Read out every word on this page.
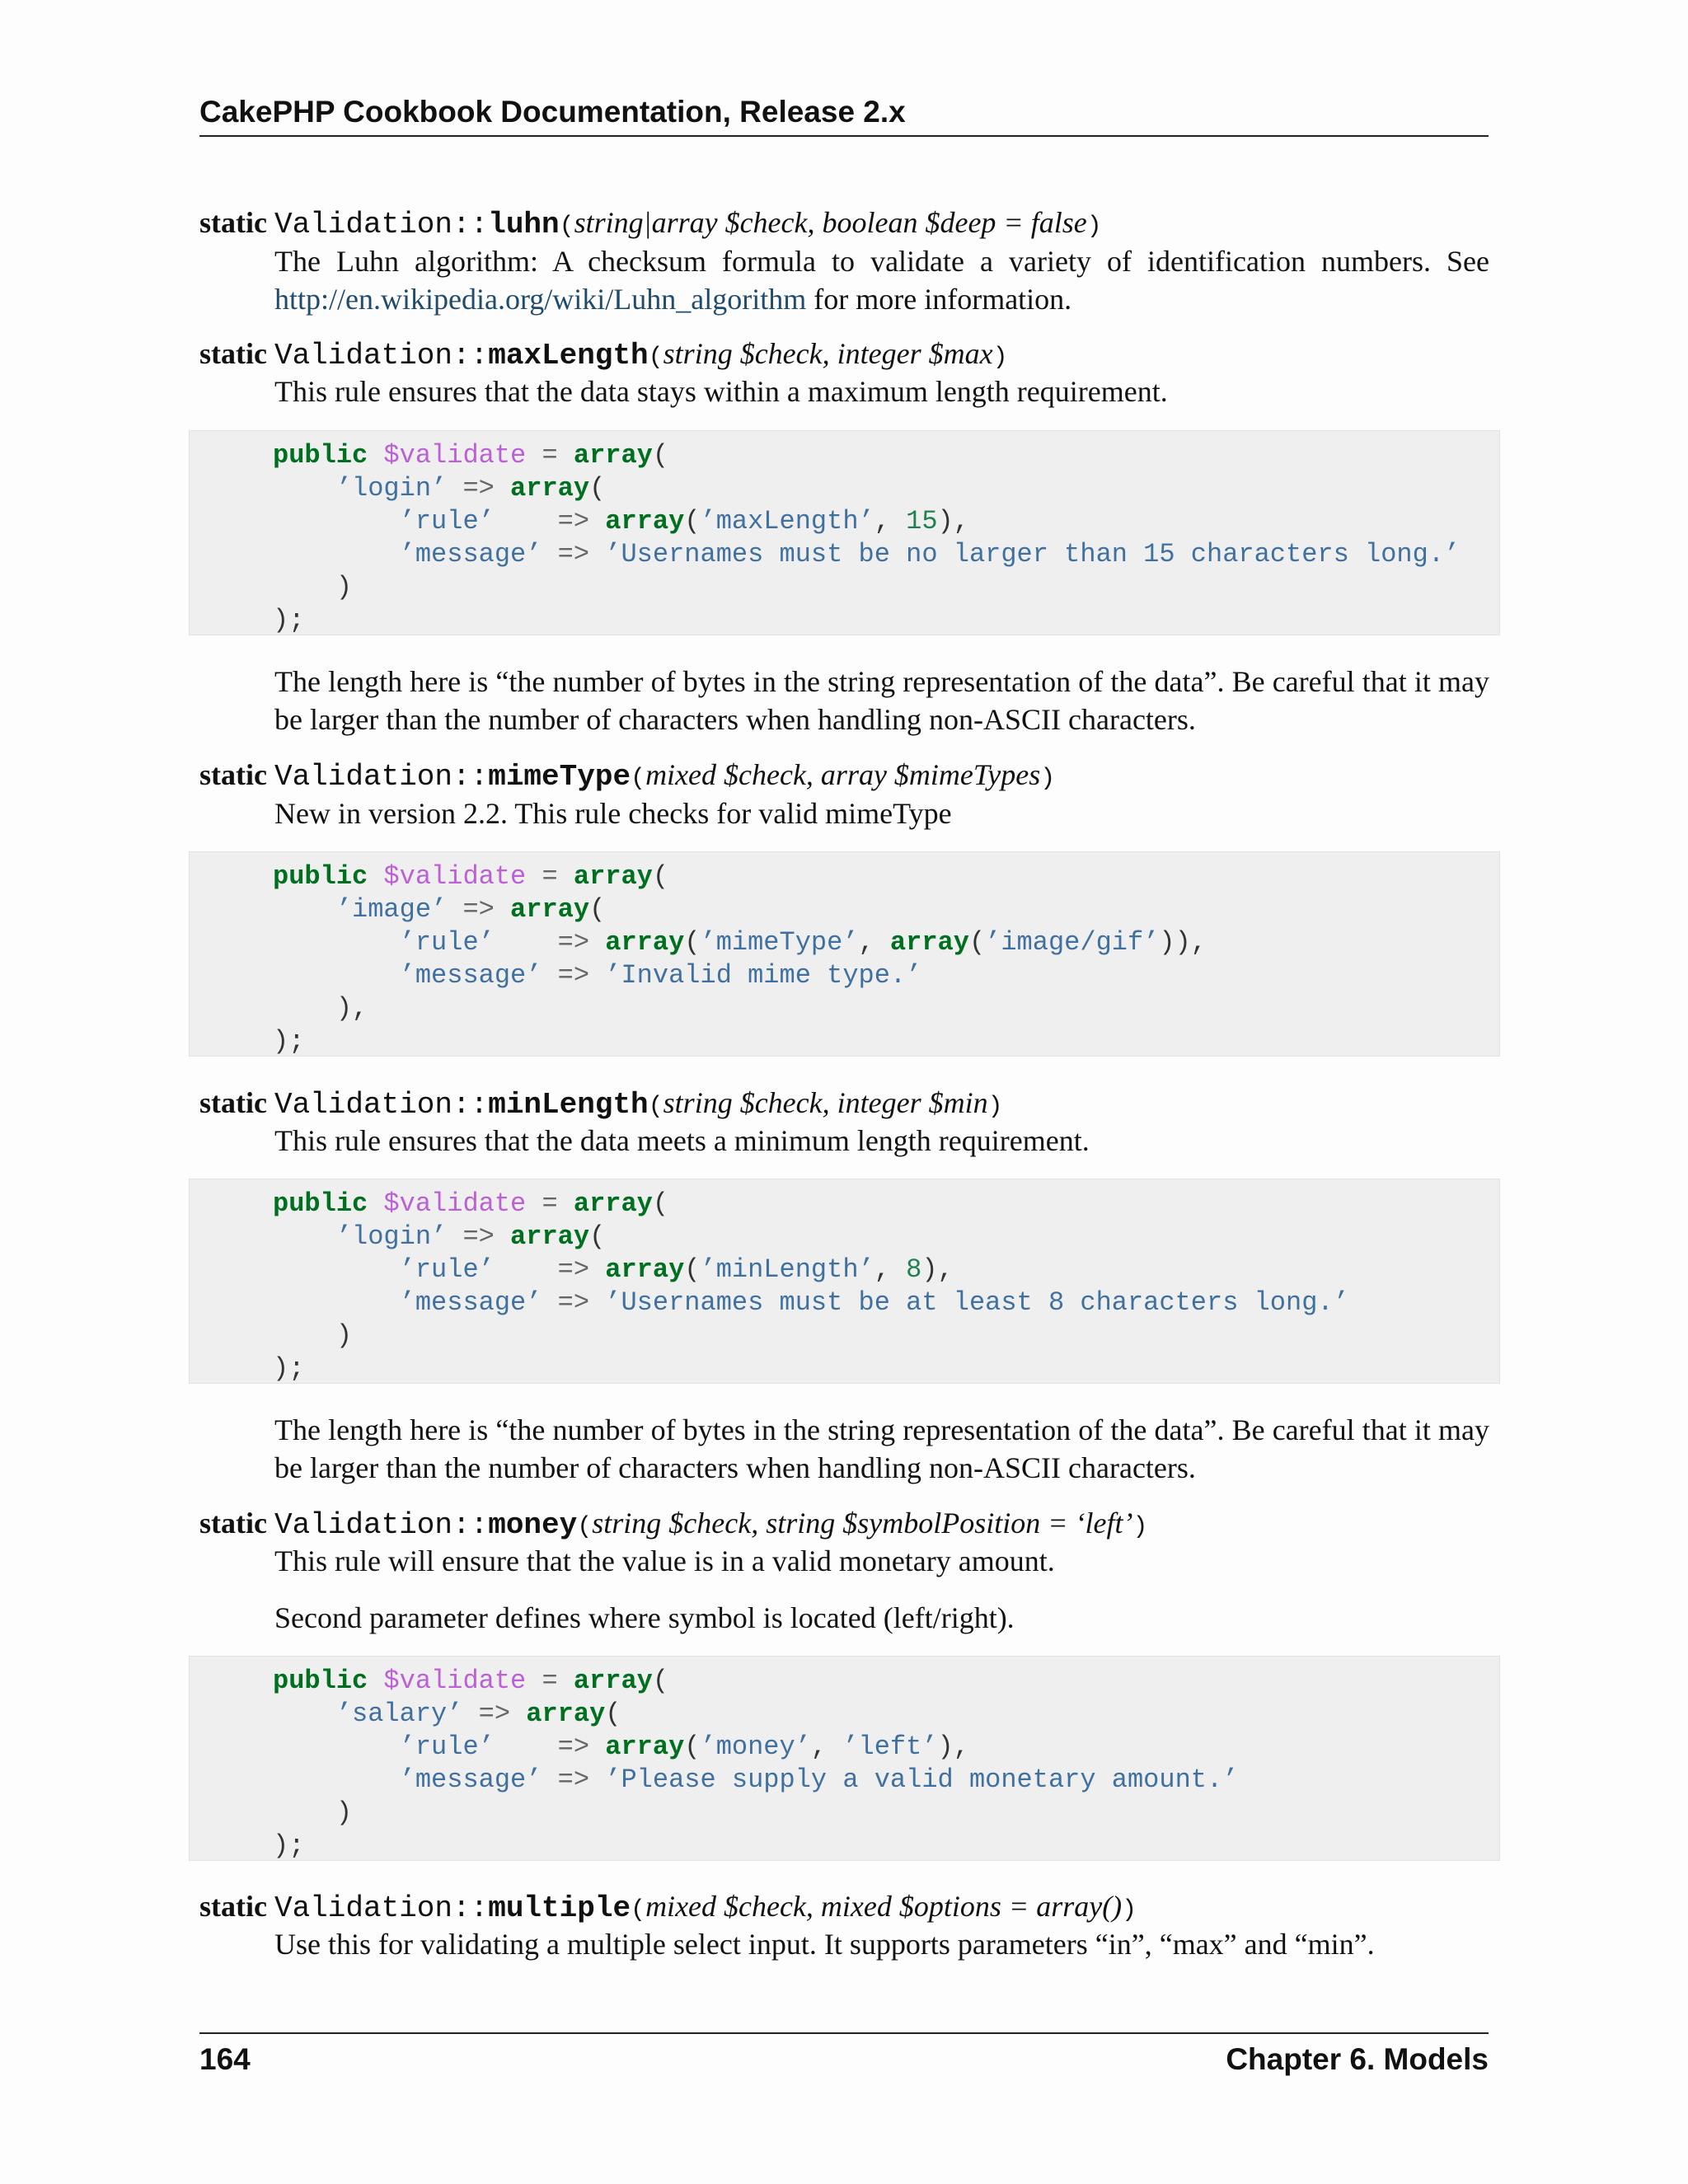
CakePHP Cookbook Documentation, Release 2.x
static Validation::luhn(string|array $check, boolean $deep = false)
The Luhn algorithm: A checksum formula to validate a variety of identification numbers. See http://en.wikipedia.org/wiki/Luhn_algorithm for more information.
static Validation::maxLength(string $check, integer $max)
This rule ensures that the data stays within a maximum length requirement.
public $validate = array(
’login’ => array(
’rule’ => array(’maxLength’, 15),
’message’ => ’Usernames must be no larger than 15 characters long.’
)
);
The length here is “the number of bytes in the string representation of the data”. Be careful that it may be larger than the number of characters when handling non-ASCII characters.
static Validation::mimeType(mixed $check, array $mimeTypes)
New in version 2.2. This rule checks for valid mimeType
public $validate = array(
’image’ => array(
’rule’ => array(’mimeType’, array(’image/gif’)),
’message’ => ’Invalid mime type.’
),
);
static Validation::minLength(string $check, integer $min)
This rule ensures that the data meets a minimum length requirement.
public $validate = array(
’login’ => array(
’rule’ => array(’minLength’, 8),
’message’ => ’Usernames must be at least 8 characters long.’
)
);
The length here is “the number of bytes in the string representation of the data”. Be careful that it may be larger than the number of characters when handling non-ASCII characters.
static Validation::money(string $check, string $symbolPosition = ‘left’)
This rule will ensure that the value is in a valid monetary amount.
Second parameter defines where symbol is located (left/right).
public $validate = array(
’salary’ => array(
’rule’ => array(’money’, ’left’),
’message’ => ’Please supply a valid monetary amount.’
)
);
static Validation::multiple(mixed $check, mixed $options = array())
Use this for validating a multiple select input. It supports parameters “in”, “max” and “min”.
164	Chapter 6. Models
